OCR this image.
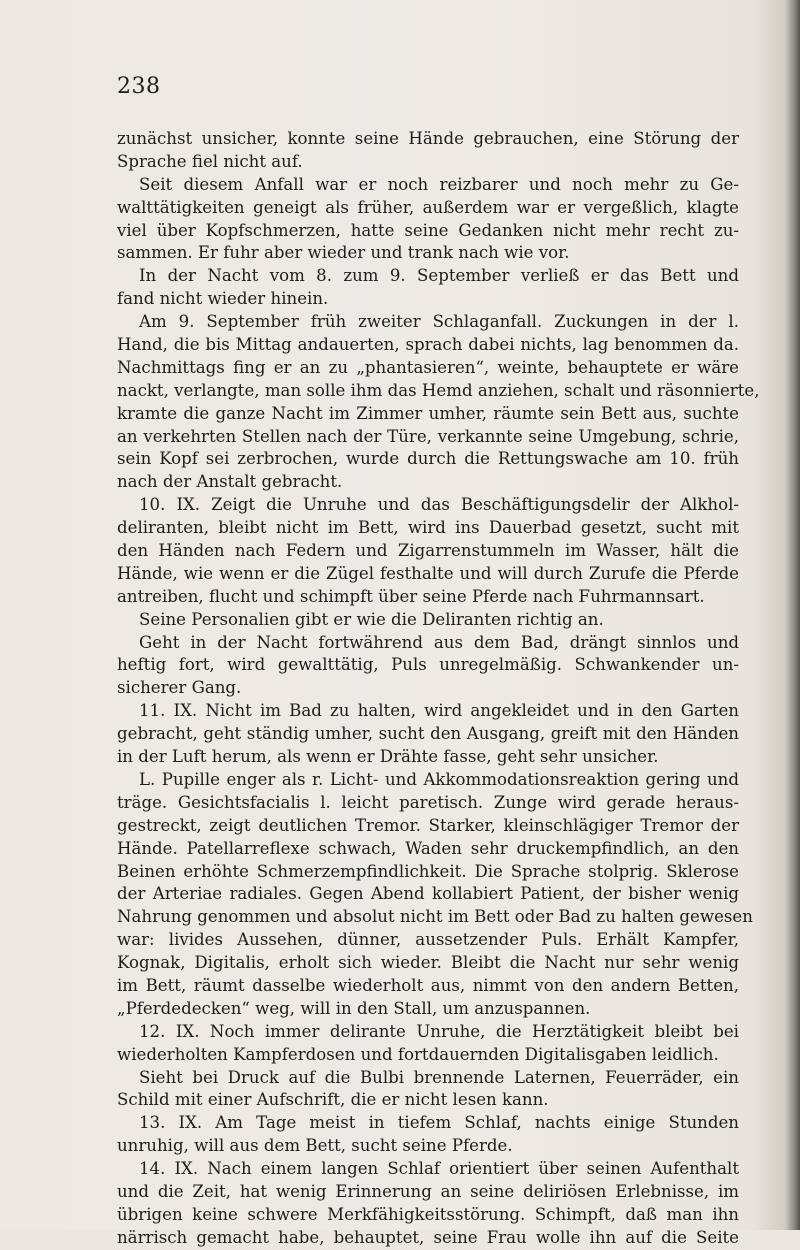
238
zunächst unsicher, konnte seine Hände gebrauchen, eine Störung der
Sprache fiel nicht auf.
Seit diesem Anfall war er noch reizbarer und noch mehr zu Ge-
walttätigkeiten geneigt als früher, außerdem war er vergeßlich, klagte
viel über Kopfschmerzen, hatte seine Gedanken nicht mehr recht zu-
sammen. Er fuhr aber wieder und trank nach wie vor.
In der Nacht vom 8. zum 9. September verließ er das Bett und
fand nicht wieder hinein.
Am 9. September früh zweiter Schlaganfall. Zuckungen in der l.
Hand, die bis Mittag andauerten, sprach dabei nichts, lag benommen da.
Nachmittags fing er an zu „phantasieren“, weinte, behauptete er wäre
nackt, verlangte, man solle ihm das Hemd anziehen, schalt und räsonnierte,
kramte die ganze Nacht im Zimmer umher, räumte sein Bett aus, suchte
an verkehrten Stellen nach der Türe, verkannte seine Umgebung, schrie,
sein Kopf sei zerbrochen, wurde durch die Rettungswache am 10. früh
nach der Anstalt gebracht.
10. IX. Zeigt die Unruhe und das Beschäftigungsdelir der Alkhol-
deliranten, bleibt nicht im Bett, wird ins Dauerbad gesetzt, sucht mit
den Händen nach Federn und Zigarrenstummeln im Wasser, hält die
Hände, wie wenn er die Zügel festhalte und will durch Zurufe die Pferde
antreiben, flucht und schimpft über seine Pferde nach Fuhrmannsart.
Seine Personalien gibt er wie die Deliranten richtig an.
Geht in der Nacht fortwährend aus dem Bad, drängt sinnlos und
heftig fort, wird gewalttätig, Puls unregelmäßig. Schwankender un-
sicherer Gang.
11. IX. Nicht im Bad zu halten, wird angekleidet und in den Garten
gebracht, geht ständig umher, sucht den Ausgang, greift mit den Händen
in der Luft herum, als wenn er Drähte fasse, geht sehr unsicher.
L. Pupille enger als r. Licht- und Akkommodationsreaktion gering und
träge. Gesichtsfacialis l. leicht paretisch. Zunge wird gerade heraus-
gestreckt, zeigt deutlichen Tremor. Starker, kleinschlägiger Tremor der
Hände. Patellarreflexe schwach, Waden sehr druckempfindlich, an den
Beinen erhöhte Schmerzempfindlichkeit. Die Sprache stolprig. Sklerose
der Arteriae radiales. Gegen Abend kollabiert Patient, der bisher wenig
Nahrung genommen und absolut nicht im Bett oder Bad zu halten gewesen
war: livides Aussehen, dünner, aussetzender Puls. Erhält Kampfer,
Kognak, Digitalis, erholt sich wieder. Bleibt die Nacht nur sehr wenig
im Bett, räumt dasselbe wiederholt aus, nimmt von den andern Betten,
„Pferdedecken“ weg, will in den Stall, um anzuspannen.
12. IX. Noch immer delirante Unruhe, die Herztätigkeit bleibt bei
wiederholten Kampferdosen und fortdauernden Digitalisgaben leidlich.
Sieht bei Druck auf die Bulbi brennende Laternen, Feuerräder, ein
Schild mit einer Aufschrift, die er nicht lesen kann.
13. IX. Am Tage meist in tiefem Schlaf, nachts einige Stunden
unruhig, will aus dem Bett, sucht seine Pferde.
14. IX. Nach einem langen Schlaf orientiert über seinen Aufenthalt
und die Zeit, hat wenig Erinnerung an seine deliriösen Erlebnisse, im
übrigen keine schwere Merkfähigkeitsstörung. Schimpft, daß man ihn
närrisch gemacht habe, behauptet, seine Frau wolle ihn auf die Seite
